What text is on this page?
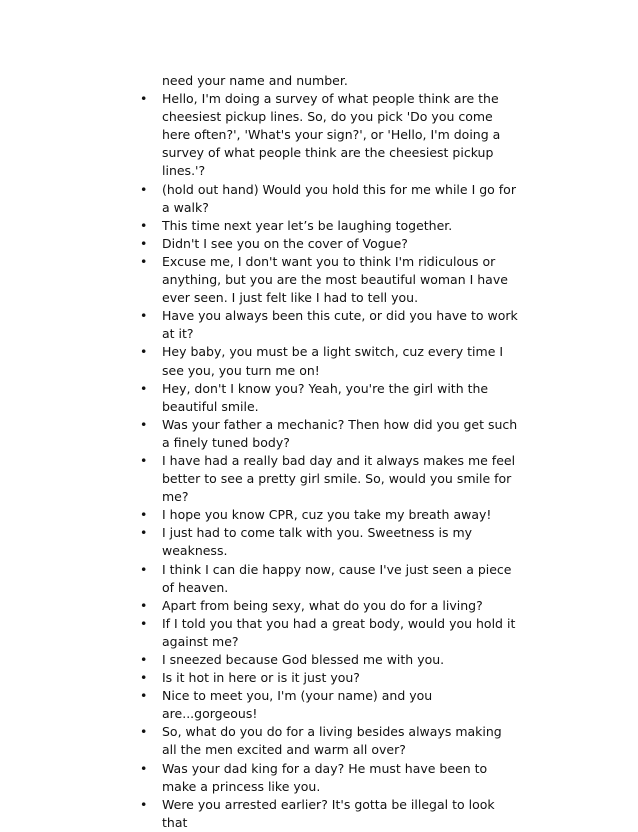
need your name and number.

•	Hello, I'm doing a survey of what people think are the cheesiest pickup lines. So, do you pick 'Do you come here often?', 'What's your sign?', or 'Hello, I'm doing a survey of what people think are the cheesiest pickup lines.'?
•	(hold out hand) Would you hold this for me while I go for a walk?
•	This time next year let’s be laughing together.
•	Didn't I see you on the cover of Vogue?
•	Excuse me, I don't want you to think I'm ridiculous or anything, but you are the most beautiful woman I have ever seen. I just felt like I had to tell you.
•	Have you always been this cute, or did you have to work at it?
•	Hey baby, you must be a light switch, cuz every time I see you, you turn me on!
•	Hey, don't I know you? Yeah, you're the girl with the beautiful smile.
•	Was your father a mechanic? Then how did you get such a finely tuned body?
•	I have had a really bad day and it always makes me feel better to see a pretty girl smile. So, would you smile for me?
•	I hope you know CPR, cuz you take my breath away!
•	I just had to come talk with you. Sweetness is my weakness.
•	I think I can die happy now, cause I've just seen a piece of heaven.
•	Apart from being sexy, what do you do for a living?
•	If I told you that you had a great body, would you hold it against me?
•	I sneezed because God blessed me with you.
•	Is it hot in here or is it just you?
•	Nice to meet you, I'm (your name) and you are...gorgeous!
•	So, what do you do for a living besides always making all the men excited and warm all over?
•	Was your dad king for a day? He must have been to make a princess like you.
•	Were you arrested earlier? It's gotta be illegal to look that
